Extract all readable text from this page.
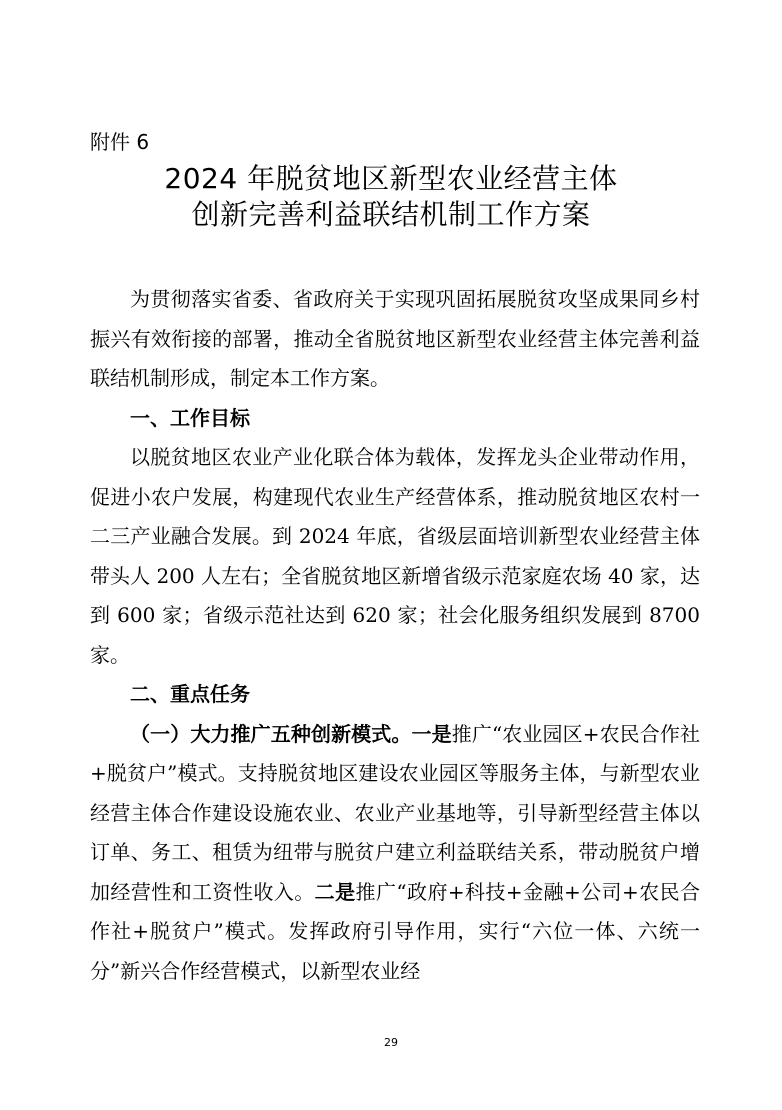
附件 6
2024 年脱贫地区新型农业经营主体
创新完善利益联结机制工作方案

为贯彻落实省委、省政府关于实现巩固拓展脱贫攻坚成果同乡村振兴有效衔接的部署，推动全省脱贫地区新型农业经营主体完善利益联结机制形成，制定本工作方案。

一、工作目标

以脱贫地区农业产业化联合体为载体，发挥龙头企业带动作用，促进小农户发展，构建现代农业生产经营体系，推动脱贫地区农村一二三产业融合发展。到 2024 年底，省级层面培训新型农业经营主体带头人 200 人左右；全省脱贫地区新增省级示范家庭农场 40 家，达到 600 家；省级示范社达到 620 家；社会化服务组织发展到 8700 家。

二、重点任务

（一）大力推广五种创新模式。一是推广“农业园区+农民合作社+脱贫户”模式。支持脱贫地区建设农业园区等服务主体，与新型农业经营主体合作建设设施农业、农业产业基地等，引导新型经营主体以订单、务工、租赁为纽带与脱贫户建立利益联结关系，带动脱贫户增加经营性和工资性收入。二是推广“政府+科技+金融+公司+农民合作社+脱贫户”模式。发挥政府引导作用，实行“六位一体、六统一分”新兴合作经营模式，以新型农业经

29
